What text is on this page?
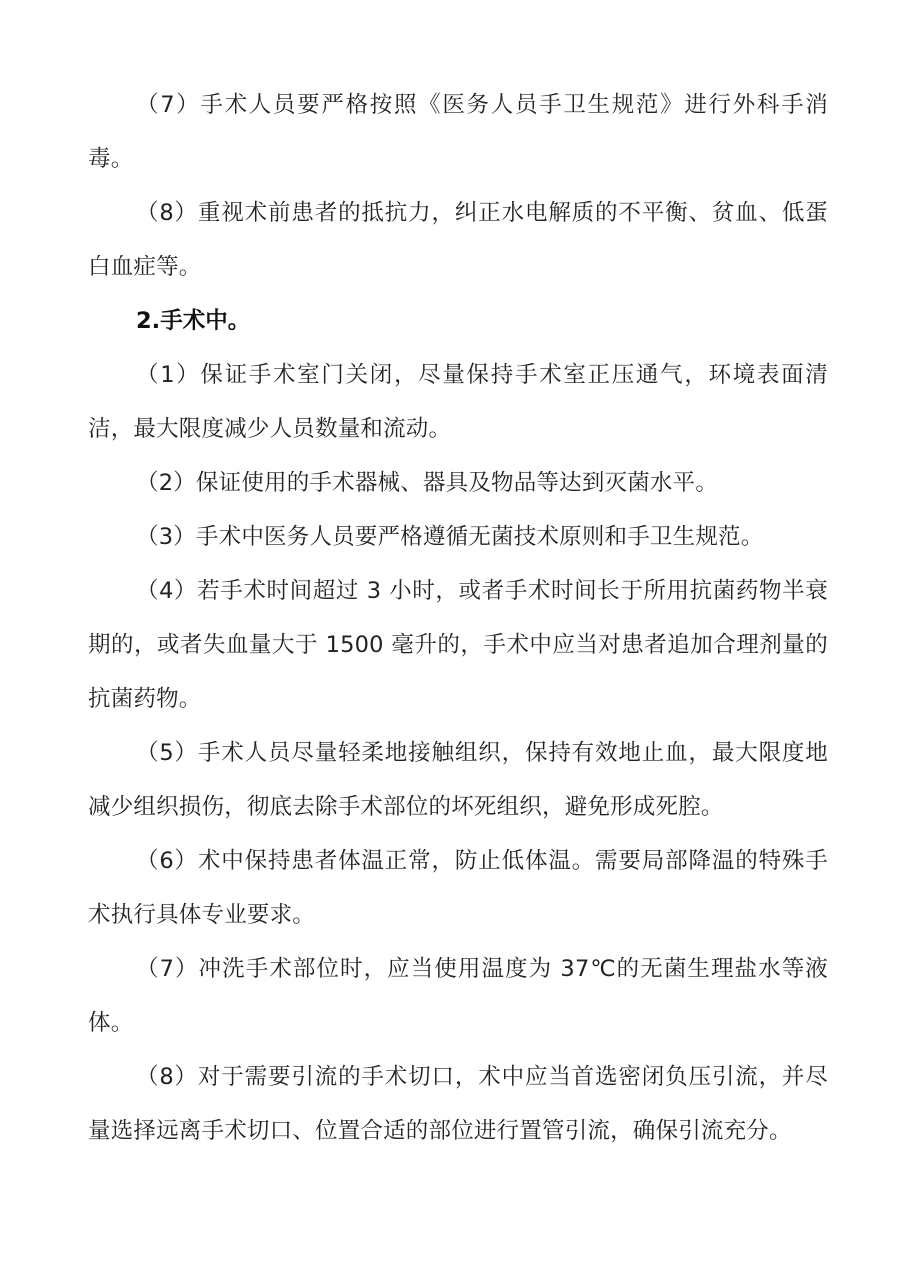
（7）手术人员要严格按照《医务人员手卫生规范》进行外科手消毒。

（8）重视术前患者的抵抗力，纠正水电解质的不平衡、贫血、低蛋白血症等。

2.手术中。

（1）保证手术室门关闭，尽量保持手术室正压通气，环境表面清洁，最大限度减少人员数量和流动。

（2）保证使用的手术器械、器具及物品等达到灭菌水平。

（3）手术中医务人员要严格遵循无菌技术原则和手卫生规范。

（4）若手术时间超过 3 小时，或者手术时间长于所用抗菌药物半衰期的，或者失血量大于 1500 毫升的，手术中应当对患者追加合理剂量的抗菌药物。

（5）手术人员尽量轻柔地接触组织，保持有效地止血，最大限度地减少组织损伤，彻底去除手术部位的坏死组织，避免形成死腔。

（6）术中保持患者体温正常，防止低体温。需要局部降温的特殊手术执行具体专业要求。

（7）冲洗手术部位时，应当使用温度为 37℃的无菌生理盐水等液体。

（8）对于需要引流的手术切口，术中应当首选密闭负压引流，并尽量选择远离手术切口、位置合适的部位进行置管引流，确保引流充分。
